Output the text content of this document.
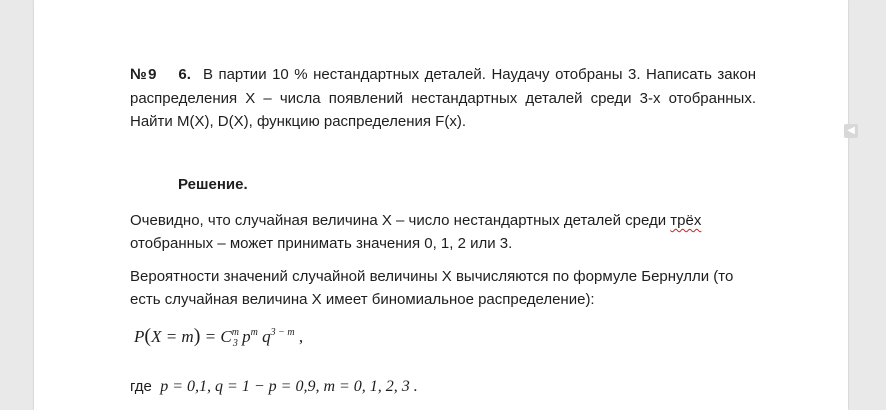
№9 6. В партии 10 % нестандартных деталей. Наудачу отобраны 3. Написать закон распределения X – числа появлений нестандартных деталей среди 3-х отобранных. Найти M(X), D(X), функцию распределения F(x).
Решение.
Очевидно, что случайная величина X – число нестандартных деталей среди трёх отобранных – может принимать значения 0, 1, 2 или 3.
Вероятности значений случайной величины X вычисляются по формуле Бернулли (то есть случайная величина X имеет биномиальное распределение):
$P(X = m) = C^m_3$ $p^m$ $q^{3 - m}$ ,
где p = 0,1, q = 1 − p = 0,9, m = 0, 1, 2, 3 .
◀
